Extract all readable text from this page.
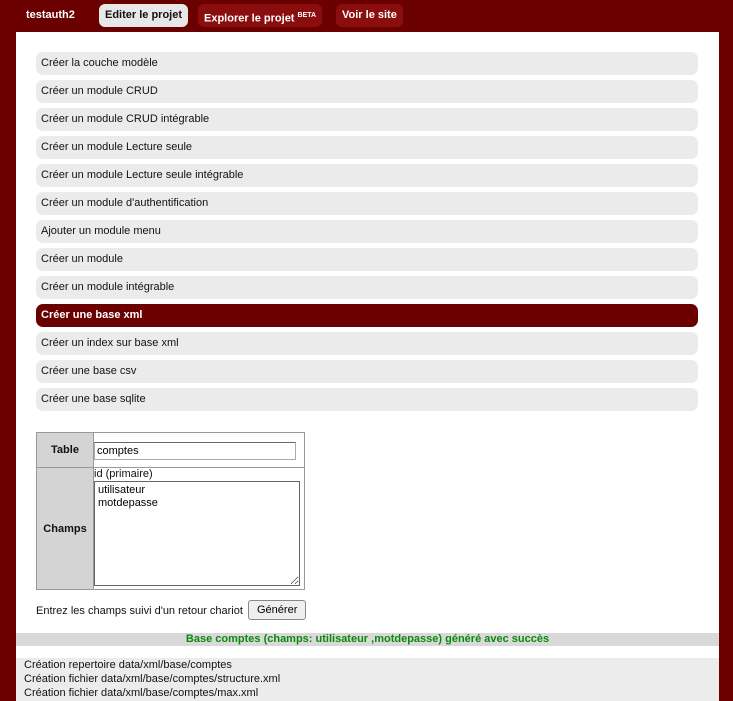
testauth2	Editer le projet	Explorer le projet $^{BETA}$	Voir le site
Créer la couche modèle
Créer un module CRUD
Créer un module CRUD intégrable
Créer un module Lecture seule
Créer un module Lecture seule intégrable
Créer un module d'authentification
Ajouter un module menu
Créer un module
Créer un module intégrable
Créer une base xml
Créer un index sur base xml
Créer une base csv
Créer une base sqlite
Table	comptes
Champs	id (primaire)
utilisateur motdepasse
Entrez les champs suivi d'un retour chariot	Générer
Base comptes (champs: utilisateur ,motdepasse) généré avec succès
Création repertoire data/xml/base/comptes
Création fichier data/xml/base/comptes/structure.xml
Création fichier data/xml/base/comptes/max.xml
